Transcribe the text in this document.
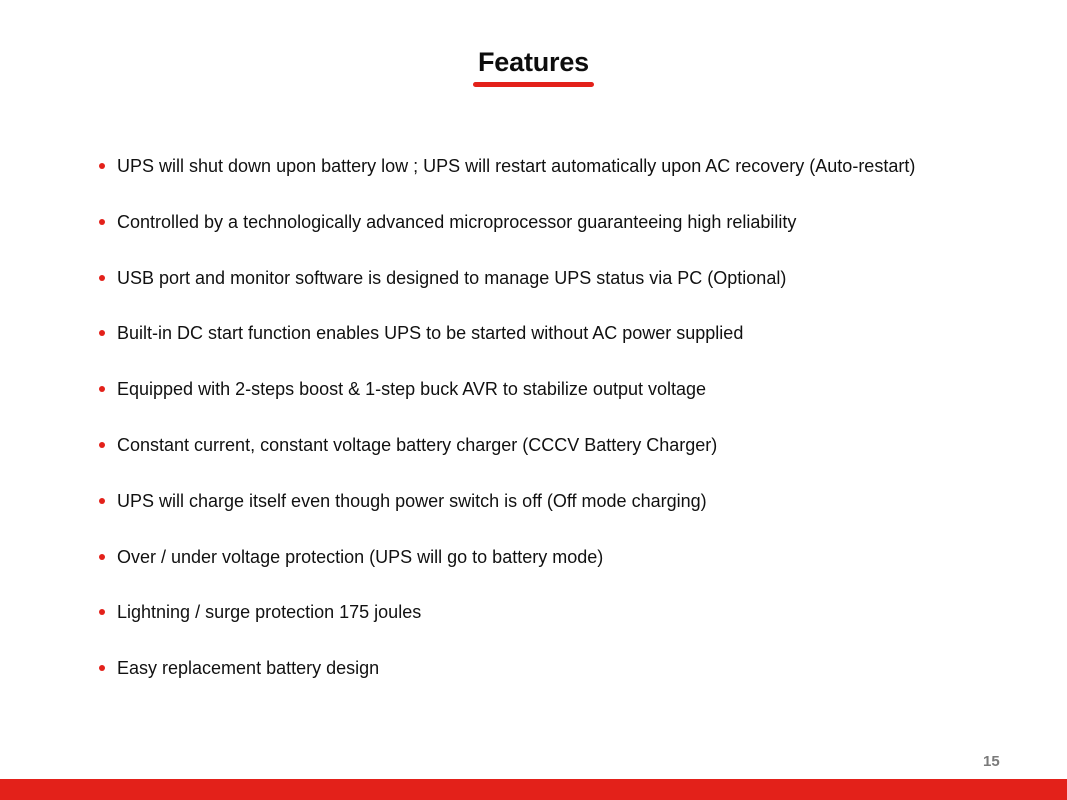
Features
UPS will shut down upon battery low ; UPS will restart automatically upon AC recovery (Auto-restart)
Controlled by a technologically advanced microprocessor guaranteeing high reliability
USB port and monitor software is designed to manage UPS status via PC (Optional)
Built-in DC start function enables UPS to be started without AC power supplied
Equipped with 2-steps boost & 1-step buck AVR to stabilize output voltage
Constant current, constant voltage battery charger (CCCV Battery Charger)
UPS will charge itself even though power switch is off (Off mode charging)
Over / under voltage protection (UPS will go to battery mode)
Lightning / surge protection 175 joules
Easy replacement battery design
15
